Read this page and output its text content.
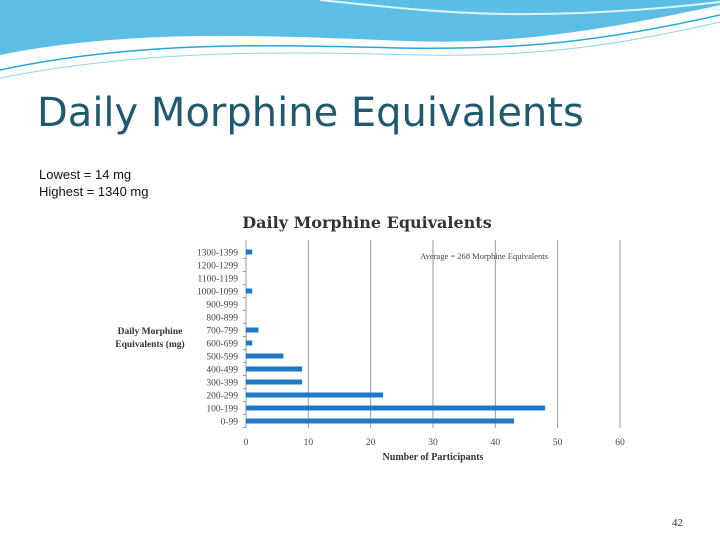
Daily Morphine Equivalents
Lowest = 14 mg
Highest = 1340 mg
Daily Morphine Equivalents
0-99
100-199
200-299
300-399
400-499
500-599
600-699
700-799
800-899
900-999
1000-1099
1100-1199
1200-1299
1300-1399
0	10	20	30	40	50	60
Number of Participants
Daily Morphine
Equivalents (mg)
Average = 268 Morphine Equivalents
42
